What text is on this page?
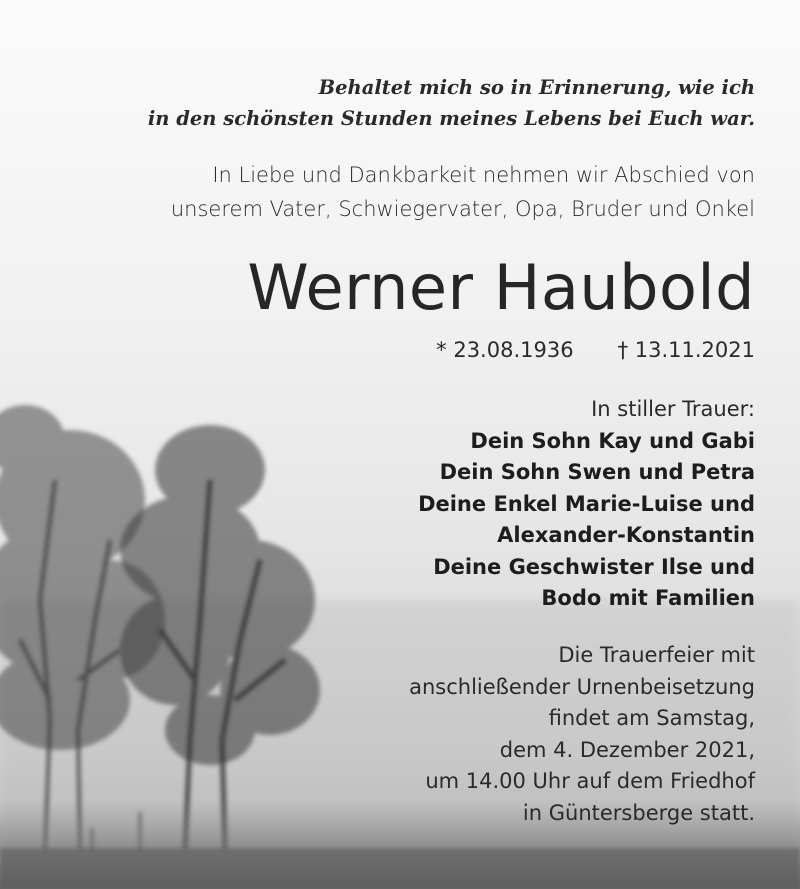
Behaltet mich so in Erinnerung, wie ich
in den schönsten Stunden meines Lebens bei Euch war.
In Liebe und Dankbarkeit nehmen wir Abschied von
unserem Vater, Schwiegervater, Opa, Bruder und Onkel
Werner Haubold
* 23.08.1936 † 13.11.2021
In stiller Trauer:
Dein Sohn Kay und Gabi
Dein Sohn Swen und Petra
Deine Enkel Marie-Luise und
Alexander-Konstantin
Deine Geschwister Ilse und
Bodo mit Familien
Die Trauerfeier mit
anschließender Urnenbeisetzung
findet am Samstag,
dem 4. Dezember 2021,
um 14.00 Uhr auf dem Friedhof
in Güntersberge statt.
